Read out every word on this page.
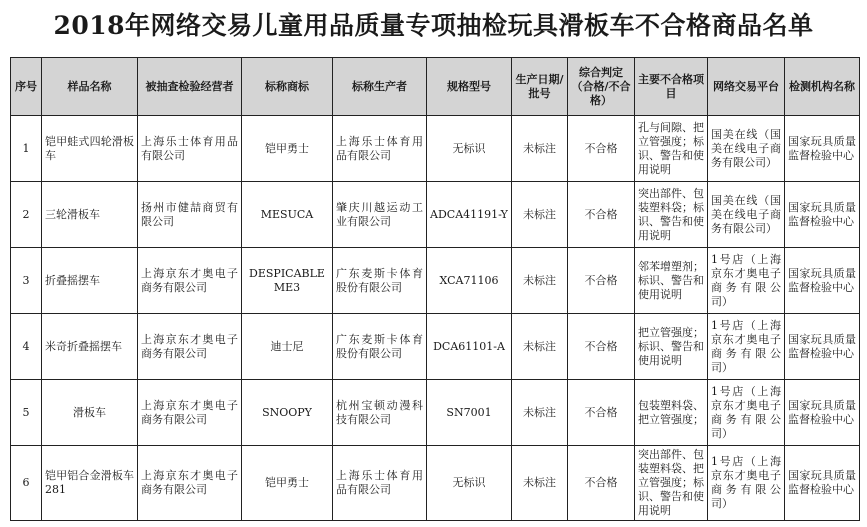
2018年网络交易儿童用品质量专项抽检玩具滑板车不合格商品名单
序号	样品名称	被抽查检验经营者	标称商标	标称生产者	规格型号	生产日期/批号	综合判定（合格/不合格）	主要不合格项目	网络交易平台	检测机构名称
1	铠甲蛙式四轮滑板车	上海乐士体育用品有限公司	铠甲勇士	上海乐士体育用品有限公司	无标识	未标注	不合格	孔与间隙、把立管强度；标识、警告和使用说明	国美在线（国美在线电子商务有限公司）	国家玩具质量监督检验中心
2	三轮滑板车	扬州市健喆商贸有限公司	MESUCA	肇庆川越运动工业有限公司	ADCA41191-Y	未标注	不合格	突出部件、包装塑料袋；标识、警告和使用说明	国美在线（国美在线电子商务有限公司）	国家玩具质量监督检验中心
3	折叠摇摆车	上海京东才奥电子商务有限公司	DESPICABLE ME3	广东麦斯卡体育股份有限公司	XCA71106	未标注	不合格	邻苯增塑剂；标识、警告和使用说明	1号店（上海京东才奥电子商务有限公司）	国家玩具质量监督检验中心
4	米奇折叠摇摆车	上海京东才奥电子商务有限公司	迪士尼	广东麦斯卡体育股份有限公司	DCA61101-A	未标注	不合格	把立管强度；标识、警告和使用说明	1号店（上海京东才奥电子商务有限公司）	国家玩具质量监督检验中心
5	滑板车	上海京东才奥电子商务有限公司	SNOOPY	杭州宝顿动漫科技有限公司	SN7001	未标注	不合格	包装塑料袋、把立管强度；	1号店（上海京东才奥电子商务有限公司）	国家玩具质量监督检验中心
6	铠甲铝合金滑板车281	上海京东才奥电子商务有限公司	铠甲勇士	上海乐士体育用品有限公司	无标识	未标注	不合格	突出部件、包装塑料袋、把立管强度；标识、警告和使用说明	1号店（上海京东才奥电子商务有限公司）	国家玩具质量监督检验中心
